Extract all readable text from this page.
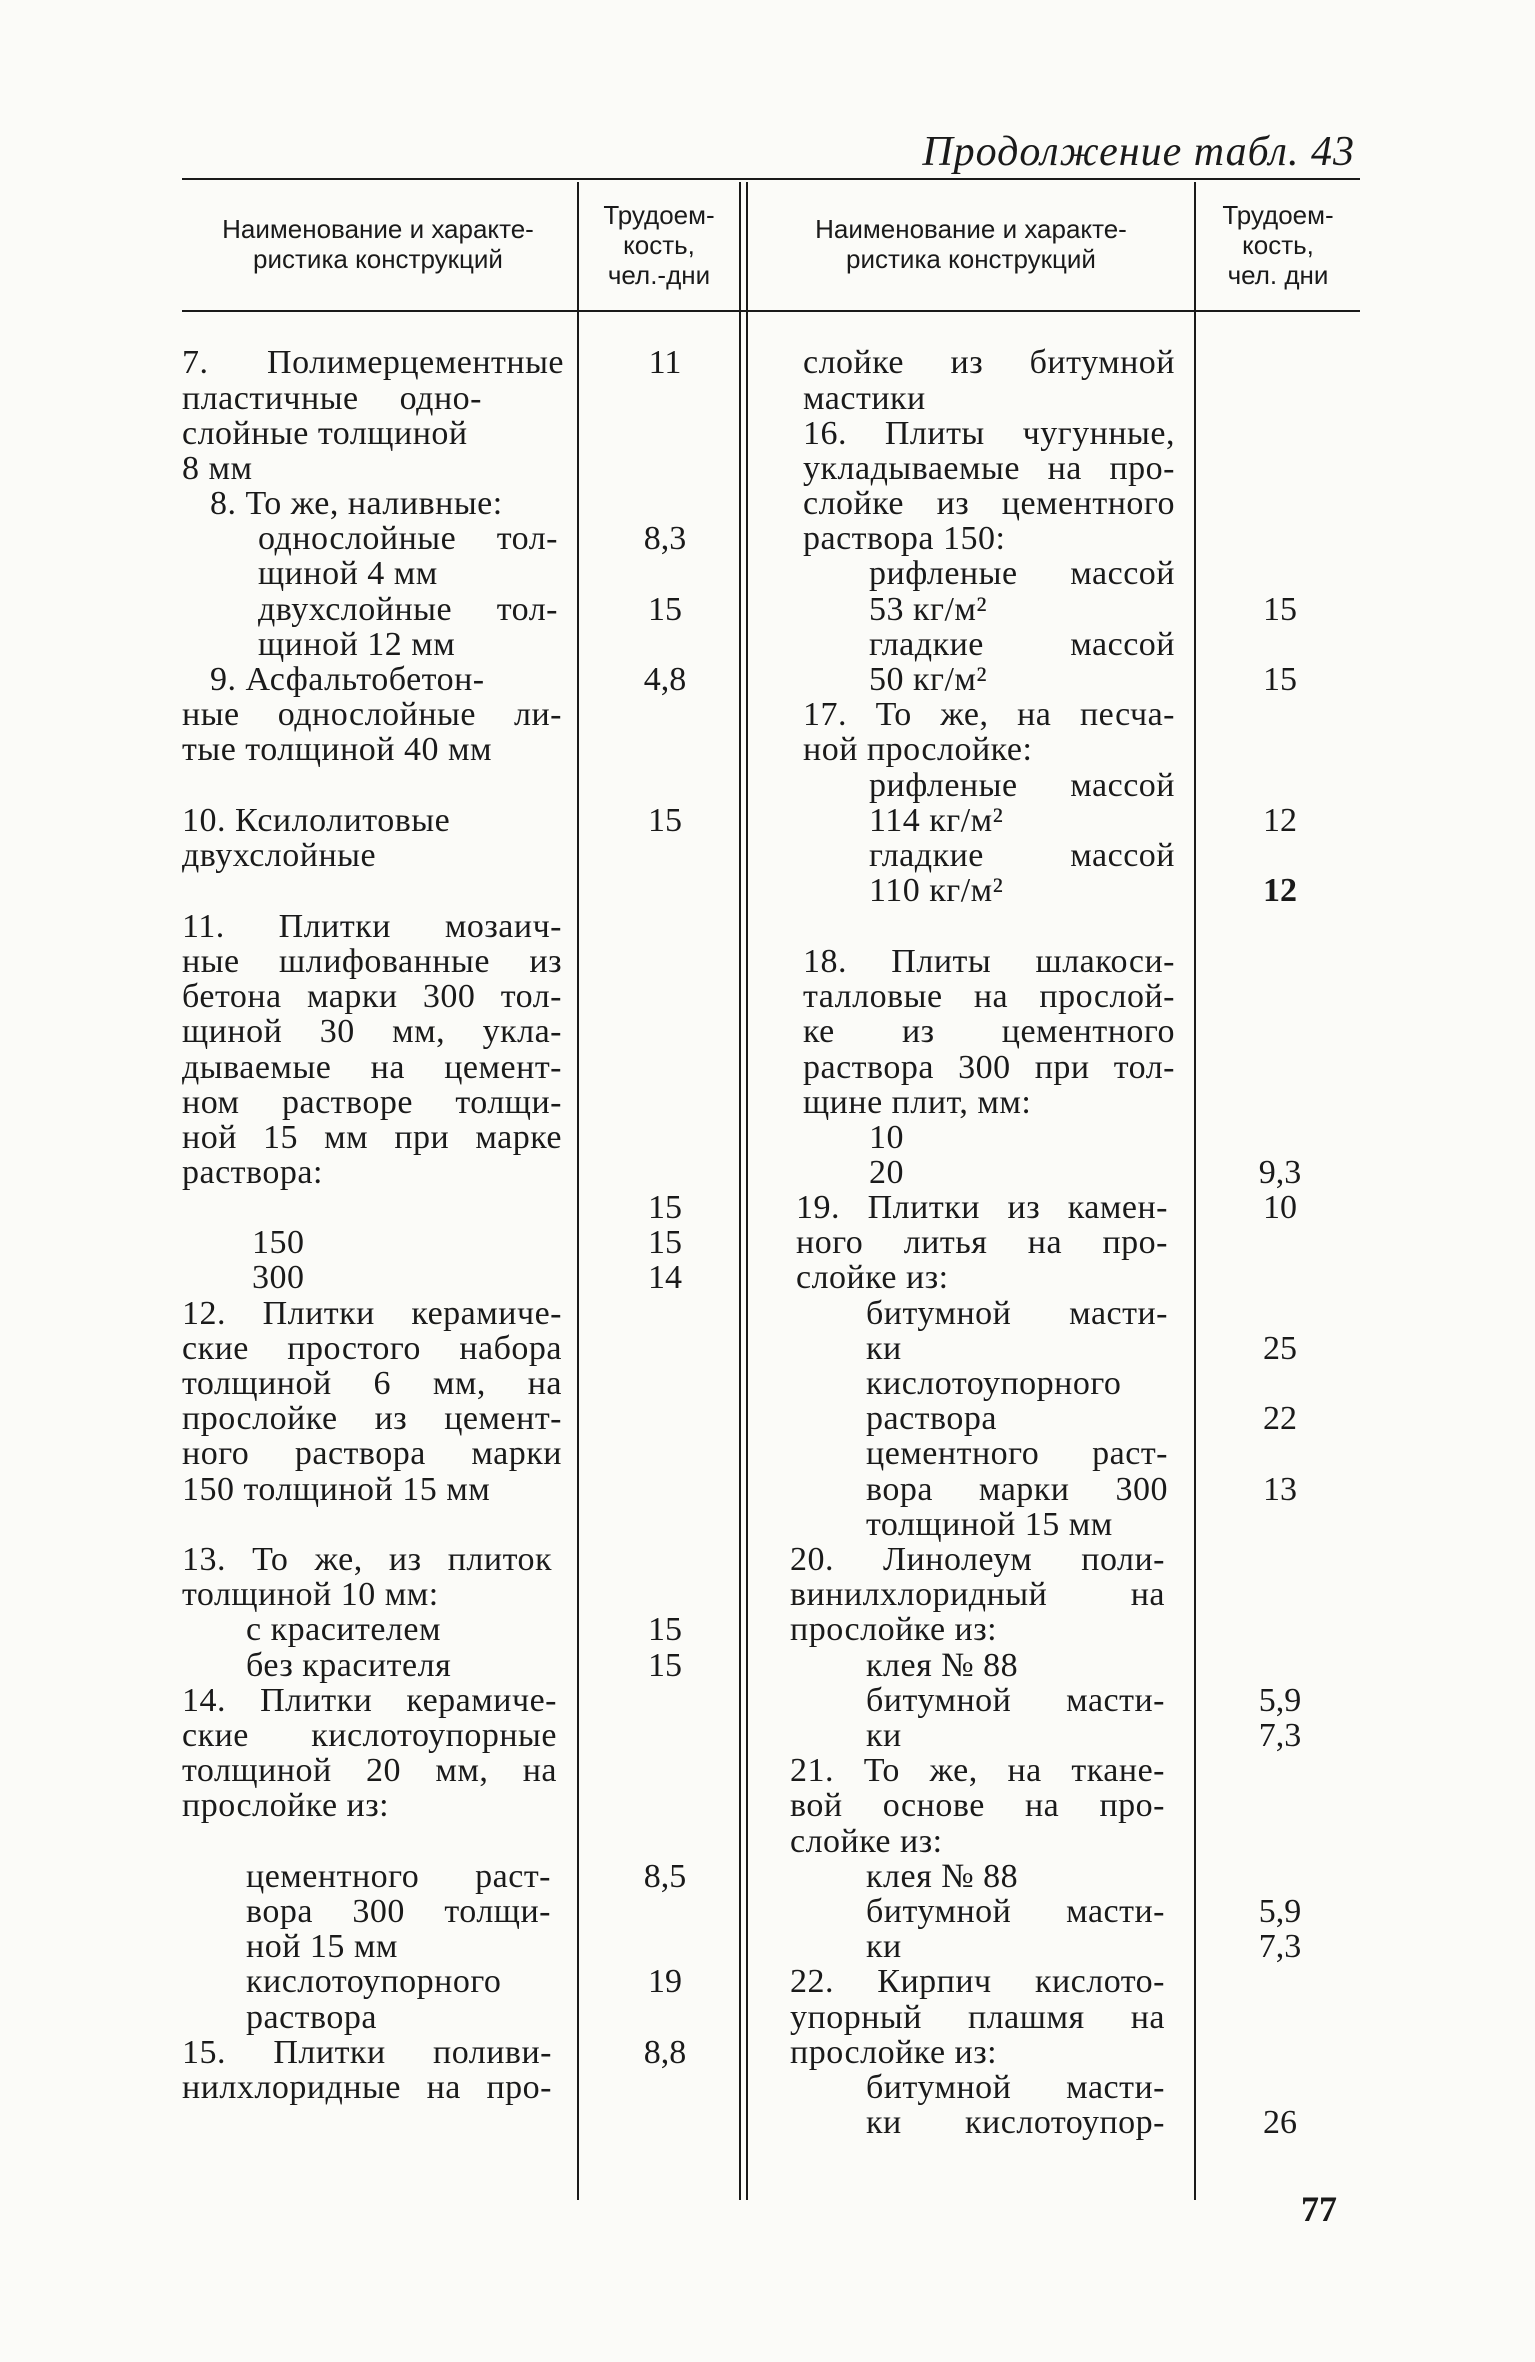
Продолжение табл. 43
Наименование и характе-
ристика конструкций
Трудоем-
кость,
чел.-дни
Наименование и характе-
ристика конструкций
Трудоем-
кость,
чел. дни
7. Полимерцементные
пластичные одно-
слойные толщиной
8 мм
8. То же, наливные:
однослойные тол-
щиной 4 мм
двухслойные тол-
щиной 12 мм
9. Асфальтобетон-
ные однослойные ли-
тые толщиной 40 мм
10. Ксилолитовые
двухслойные
11. Плитки мозаич-
ные шлифованные из
бетона марки 300 тол-
щиной 30 мм, укла-
дываемые на цемент-
ном растворе толщи-
ной 15 мм при марке
раствора:
150
300
12. Плитки керамиче-
ские простого набора
толщиной 6 мм, на
прослойке из цемент-
ного раствора марки
150 толщиной 15 мм
13. То же, из плиток
толщиной 10 мм:
с красителем
без красителя
14. Плитки керамиче-
ские кислотоупорные
толщиной 20 мм, на
прослойке из:
цементного раст-
вора 300 толщи-
ной 15 мм
кислотоупорного
раствора
15. Плитки поливи-
нилхлоридные на про-
11
8,3
15
4,8
15
15
15
14
15
15
8,5
19
8,8
слойке из битумной
мастики
16. Плиты чугунные,
укладываемые на про-
слойке из цементного
раствора 150:
рифленые массой
53 кг/м²
гладкие массой
50 кг/м²
17. То же, на песча-
ной прослойке:
рифленые массой
114 кг/м²
гладкие массой
110 кг/м²
18. Плиты шлакоси-
талловые на прослой-
ке из цементного
раствора 300 при тол-
щине плит, мм:
10
20
19. Плитки из камен-
ного литья на про-
слойке из:
битумной масти-
ки
кислотоупорного
раствора
цементного раст-
вора марки 300
толщиной 15 мм
20. Линолеум поли-
винилхлоридный на
прослойке из:
клея № 88
битумной масти-
ки
21. То же, на ткане-
вой основе на про-
слойке из:
клея № 88
битумной масти-
ки
22. Кирпич кислото-
упорный плашмя на
прослойке из:
битумной масти-
ки кислотоупор-
15
15
12
12
9,3
10
25
22
13
5,9
7,3
5,9
7,3
26
77
